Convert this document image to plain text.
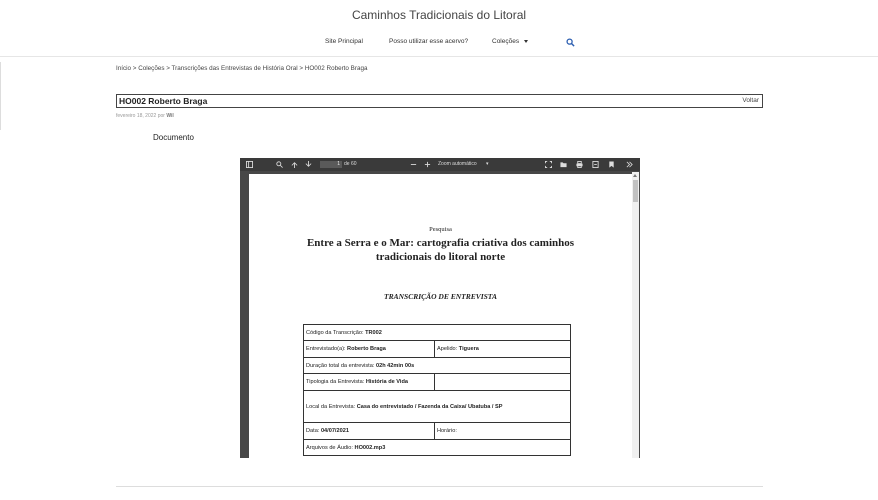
Caminhos Tradicionais do Litoral
Site Principal	Posso utilizar esse acervo?	Coleções
Início > Coleções > Transcrições das Entrevistas de História Oral > HO002 Roberto Braga
HO002 Roberto Braga	Voltar
fevereiro 18, 2022 por Wil
Documento
1 de 60	Zoom automático ▾
Pesquisa
Entre a Serra e o Mar: cartografia criativa dos caminhos
tradicionais do litoral norte
TRANSCRIÇÃO DE ENTREVISTA
Código da Transcrição: TR002	
Entrevistado(a): Roberto Braga	Apelido: Tiguera
Duração total da entrevista: 02h 42min 00s	
Tipologia da Entrevista: História de Vida	
Local da Entrevista: Casa do entrevistado / Fazenda da Caixa/ Ubatuba / SP	
Data: 04/07/2021	Horário:
Arquivos de Áudio: HO002.mp3	
